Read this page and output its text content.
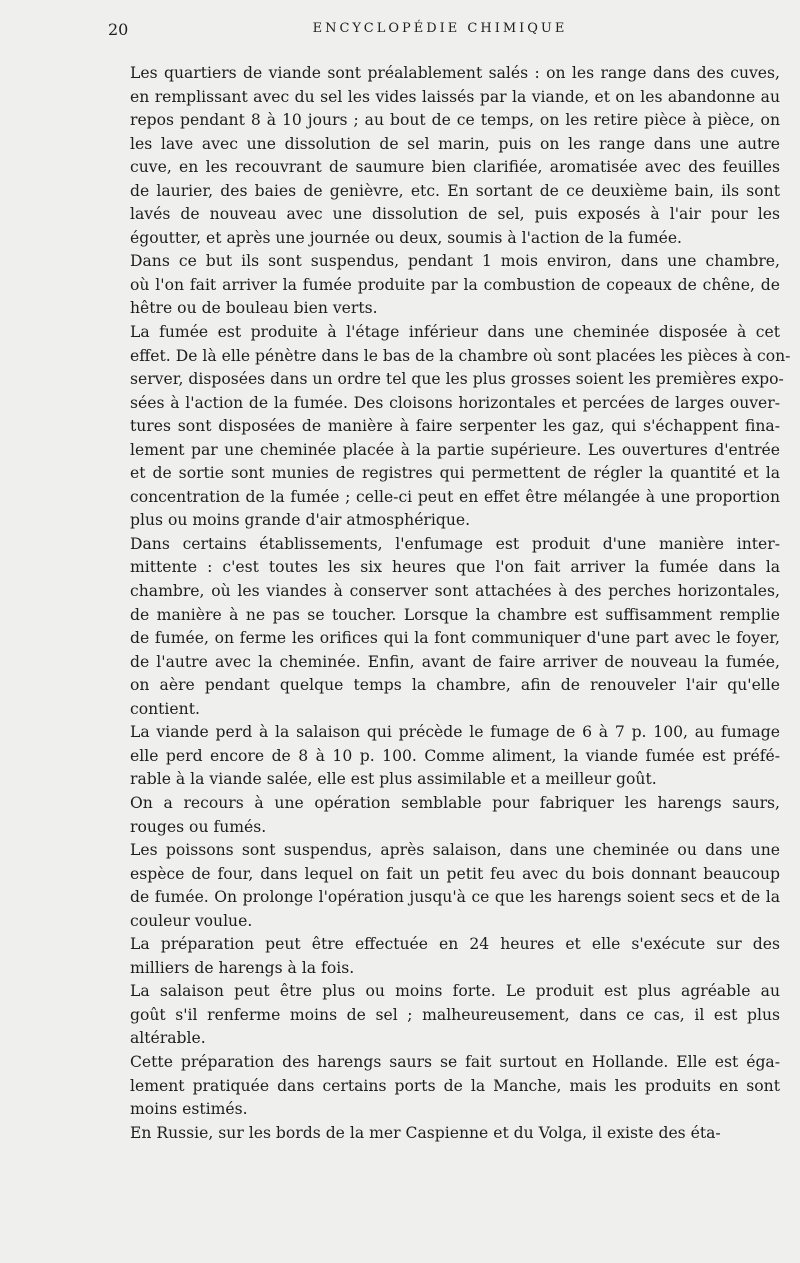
20	ENCYCLOPÉDIE CHIMIQUE

Les quartiers de viande sont préalablement salés : on les range dans des cuves,
en remplissant avec du sel les vides laissés par la viande, et on les abandonne au
repos pendant 8 à 10 jours ; au bout de ce temps, on les retire pièce à pièce, on
les lave avec une dissolution de sel marin, puis on les range dans une autre
cuve, en les recouvrant de saumure bien clarifiée, aromatisée avec des feuilles
de laurier, des baies de genièvre, etc. En sortant de ce deuxième bain, ils sont
lavés de nouveau avec une dissolution de sel, puis exposés à l'air pour les
égoutter, et après une journée ou deux, soumis à l'action de la fumée.

Dans ce but ils sont suspendus, pendant 1 mois environ, dans une chambre,
où l'on fait arriver la fumée produite par la combustion de copeaux de chêne, de
hêtre ou de bouleau bien verts.

La fumée est produite à l'étage inférieur dans une cheminée disposée à cet
effet. De là elle pénètre dans le bas de la chambre où sont placées les pièces à con-
server, disposées dans un ordre tel que les plus grosses soient les premières expo-
sées à l'action de la fumée. Des cloisons horizontales et percées de larges ouver-
tures sont disposées de manière à faire serpenter les gaz, qui s'échappent fina-
lement par une cheminée placée à la partie supérieure. Les ouvertures d'entrée
et de sortie sont munies de registres qui permettent de régler la quantité et la
concentration de la fumée ; celle-ci peut en effet être mélangée à une proportion
plus ou moins grande d'air atmosphérique.

Dans certains établissements, l'enfumage est produit d'une manière inter-
mittente : c'est toutes les six heures que l'on fait arriver la fumée dans la
chambre, où les viandes à conserver sont attachées à des perches horizontales,
de manière à ne pas se toucher. Lorsque la chambre est suffisamment remplie
de fumée, on ferme les orifices qui la font communiquer d'une part avec le foyer,
de l'autre avec la cheminée. Enfin, avant de faire arriver de nouveau la fumée,
on aère pendant quelque temps la chambre, afin de renouveler l'air qu'elle
contient.

La viande perd à la salaison qui précède le fumage de 6 à 7 p. 100, au fumage
elle perd encore de 8 à 10 p. 100. Comme aliment, la viande fumée est préfé-
rable à la viande salée, elle est plus assimilable et a meilleur goût.

On a recours à une opération semblable pour fabriquer les harengs saurs,
rouges ou fumés.

Les poissons sont suspendus, après salaison, dans une cheminée ou dans une
espèce de four, dans lequel on fait un petit feu avec du bois donnant beaucoup
de fumée. On prolonge l'opération jusqu'à ce que les harengs soient secs et de la
couleur voulue.

La préparation peut être effectuée en 24 heures et elle s'exécute sur des
milliers de harengs à la fois.

La salaison peut être plus ou moins forte. Le produit est plus agréable au
goût s'il renferme moins de sel ; malheureusement, dans ce cas, il est plus
altérable.

Cette préparation des harengs saurs se fait surtout en Hollande. Elle est éga-
lement pratiquée dans certains ports de la Manche, mais les produits en sont
moins estimés.

En Russie, sur les bords de la mer Caspienne et du Volga, il existe des éta-
